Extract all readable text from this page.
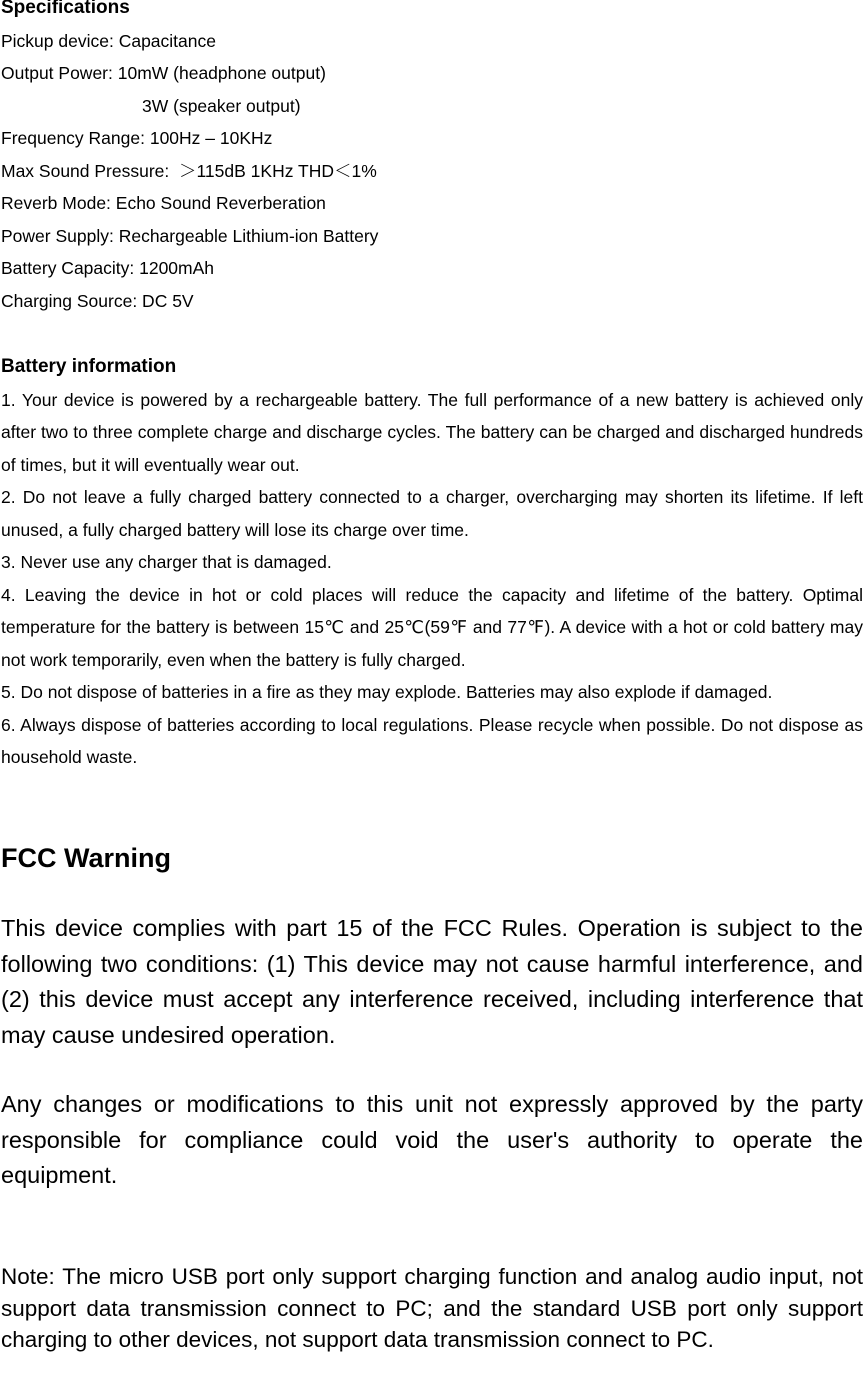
Specifications
Pickup device: Capacitance
Output Power: 10mW (headphone output)
3W (speaker output)
Frequency Range: 100Hz – 10KHz
Max Sound Pressure:  ＞115dB 1KHz THD＜1%
Reverb Mode: Echo Sound Reverberation
Power Supply: Rechargeable Lithium-ion Battery
Battery Capacity: 1200mAh
Charging Source: DC 5V
Battery information

1. Your device is powered by a rechargeable battery. The full performance of a new battery is achieved only after two to three complete charge and discharge cycles. The battery can be charged and discharged hundreds of times, but it will eventually wear out.

2. Do not leave a fully charged battery connected to a charger, overcharging may shorten its lifetime. If left unused, a fully charged battery will lose its charge over time.

3. Never use any charger that is damaged.

4. Leaving the device in hot or cold places will reduce the capacity and lifetime of the battery. Optimal temperature for the battery is between 15℃ and 25℃(59℉ and 77℉). A device with a hot or cold battery may not work temporarily, even when the battery is fully charged.

5. Do not dispose of batteries in a fire as they may explode. Batteries may also explode if damaged.

6. Always dispose of batteries according to local regulations. Please recycle when possible. Do not dispose as household waste.

FCC Warning

This device complies with part 15 of the FCC Rules. Operation is subject to the following two conditions: (1) This device may not cause harmful interference, and (2) this device must accept any interference received, including interference that may cause undesired operation.

Any changes or modifications to this unit not expressly approved by the party responsible for compliance could void the user's authority to operate the equipment.

Note: The micro USB port only support charging function and analog audio input, not support data transmission connect to PC; and the standard USB port only support charging to other devices, not support data transmission connect to PC.
